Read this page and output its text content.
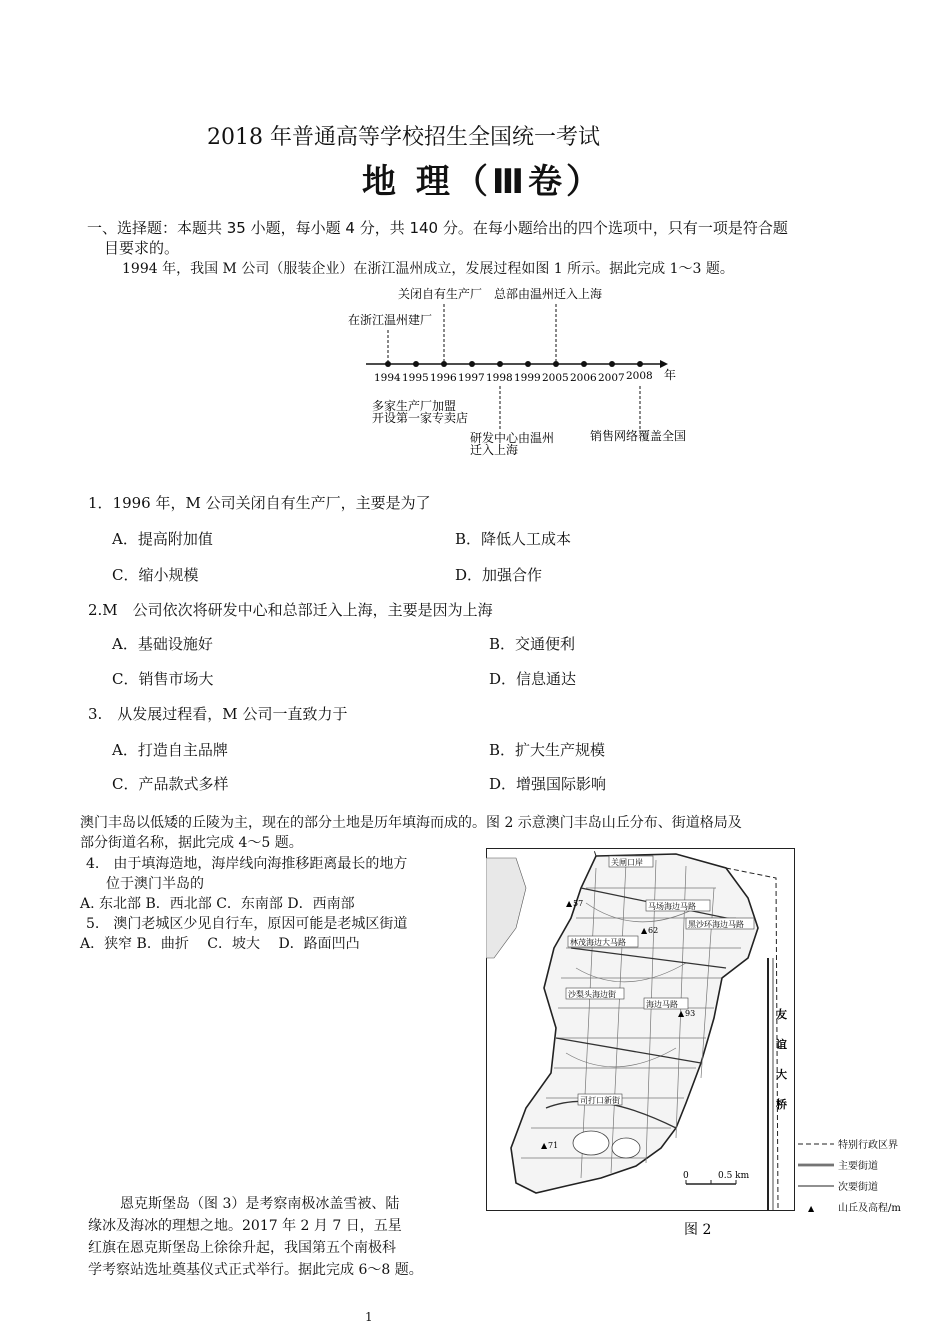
2018 年普通高等学校招生全国统一考试
地 理（Ⅲ卷）
一、选择题：本题共 35 小题，每小题 4 分，共 140 分。在每小题给出的四个选项中，只有一项是符合题
目要求的。
1994 年，我国 M 公司（服装企业）在浙江温州成立，发展过程如图 1 所示。据此完成 1～3 题。
关闭自有生产厂 总部由温州迁入上海
在浙江温州建厂
1994 1995 1996 1997 1998 1999 2005 2006 2007 2008 年
多家生产厂加盟
开设第一家专卖店
研发中心由温州
迁入上海
销售网络覆盖全国
1．1996 年，M 公司关闭自有生产厂，主要是为了
A．提高附加值	B．降低人工成本
C．缩小规模	D．加强合作
2.M　公司依次将研发中心和总部迁入上海，主要是因为上海
A．基础设施好	B．交通便利
C．销售市场大	D．信息通达
3.　从发展过程看，M 公司一直致力于
A．打造自主品牌	B．扩大生产规模
C．产品款式多样	D．增强国际影响
澳门丰岛以低矮的丘陵为主，现在的部分土地是历年填海而成的。图 2 示意澳门丰岛山丘分布、街道格局及
部分街道名称，据此完成 4～5 题。
4.　由于填海造地，海岸线向海推移距离最长的地方
位于澳门半岛的
A. 东北部 B．西北部 C．东南部 D．西南部
5.　澳门老城区少见自行车，原因可能是老城区街道
A．狭窄 B．曲折　 C．坡大　 D．路面凹凸
友
谊
大
桥
关闸口岸
马场海边马路
黑沙环海边马路
林茂海边大马路
沙梨头海边街
海边马路
司打口新街
▲ 57
▲ 62
▲ 93
▲ 71
0	0.5 km
特别行政区界
主要街道
次要街道
▲ 山丘及高程/m
图 2
恩克斯堡岛（图 3）是考察南极冰盖雪被、陆
缘冰及海冰的理想之地。2017 年 2 月 7 日，五星
红旗在恩克斯堡岛上徐徐升起，我国第五个南极科
学考察站选址奠基仪式正式举行。据此完成 6～8 题。
1
